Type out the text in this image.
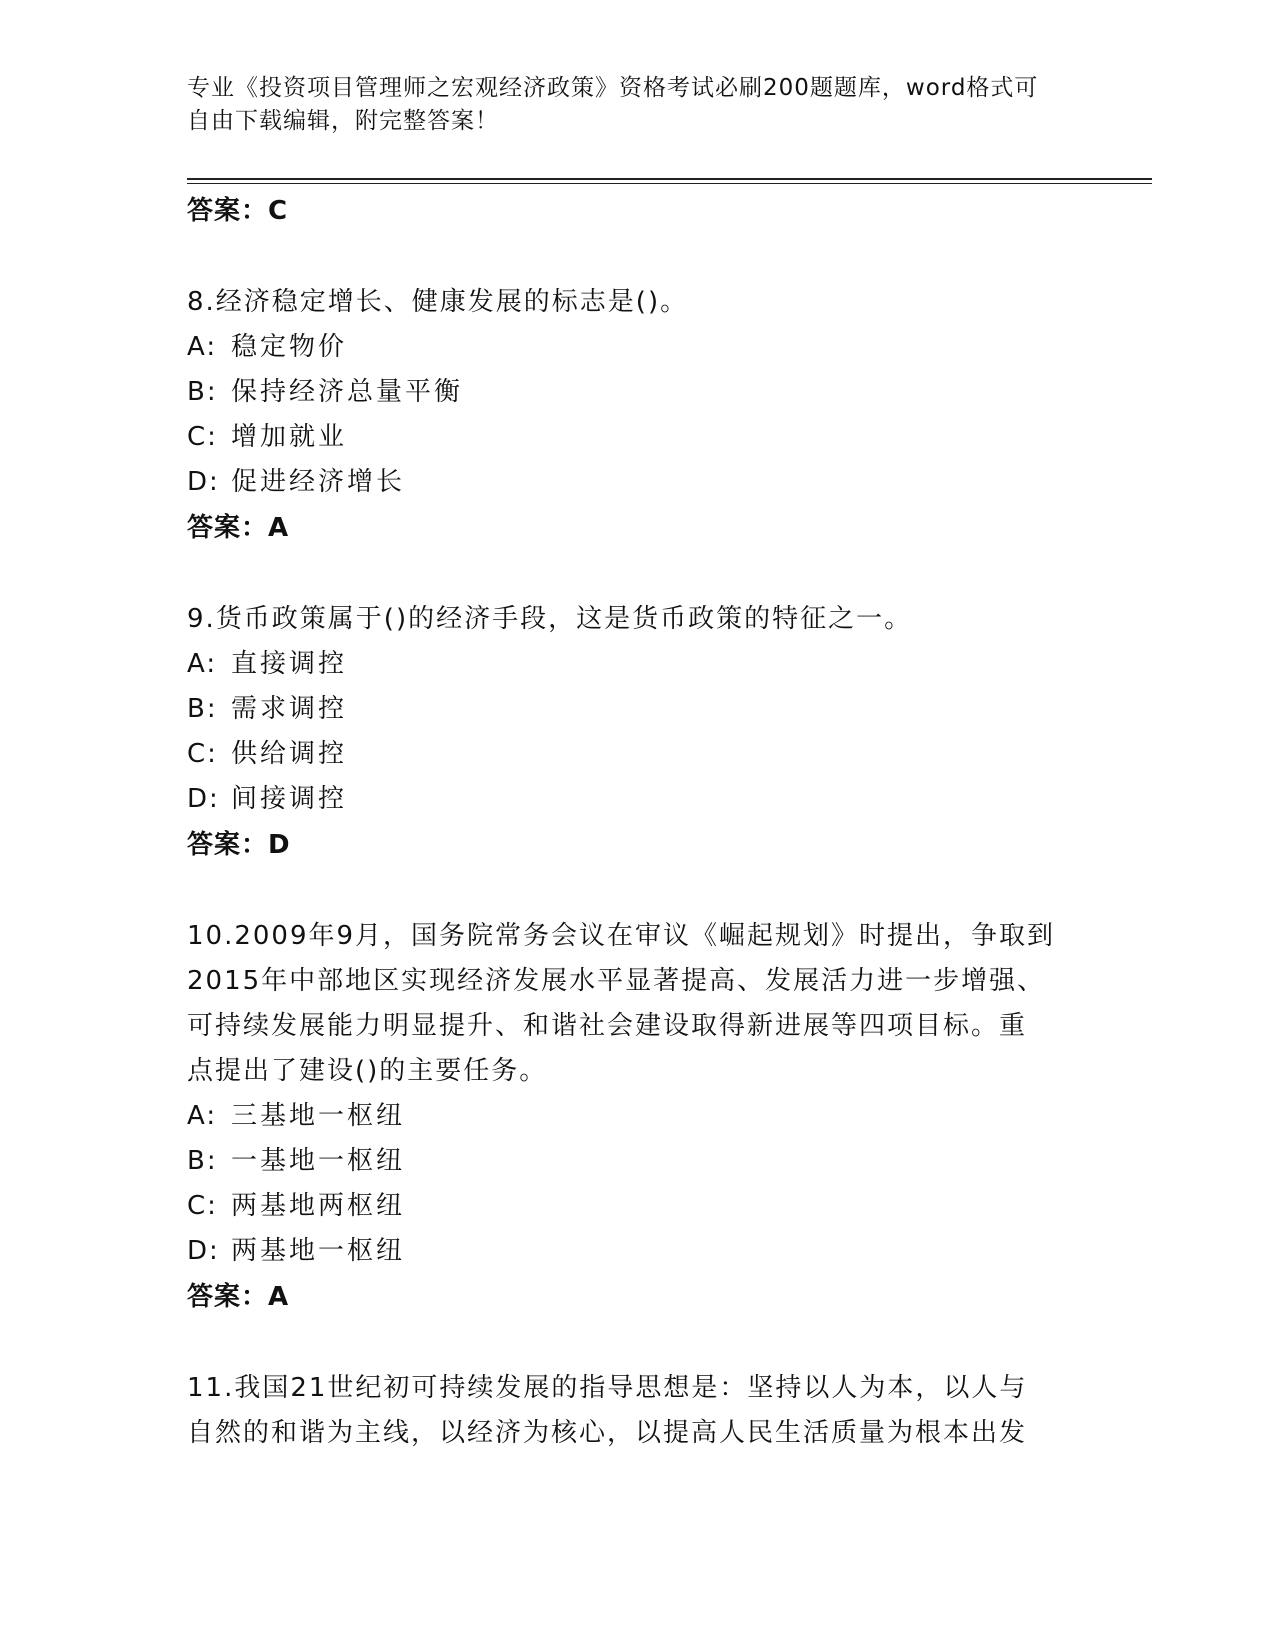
专业《投资项目管理师之宏观经济政策》资格考试必刷200题题库，word格式可
自由下载编辑，附完整答案！
答案：C
8.经济稳定增长、健康发展的标志是()。
A: 稳定物价
B: 保持经济总量平衡
C: 增加就业
D: 促进经济增长
答案：A
9.货币政策属于()的经济手段，这是货币政策的特征之一。
A: 直接调控
B: 需求调控
C: 供给调控
D: 间接调控
答案：D
10.2009年9月，国务院常务会议在审议《崛起规划》时提出，争取到
2015年中部地区实现经济发展水平显著提高、发展活力进一步增强、
可持续发展能力明显提升、和谐社会建设取得新进展等四项目标。重
点提出了建设()的主要任务。
A: 三基地一枢纽
B: 一基地一枢纽
C: 两基地两枢纽
D: 两基地一枢纽
答案：A
11.我国21世纪初可持续发展的指导思想是：坚持以人为本，以人与
自然的和谐为主线，以经济为核心，以提高人民生活质量为根本出发
